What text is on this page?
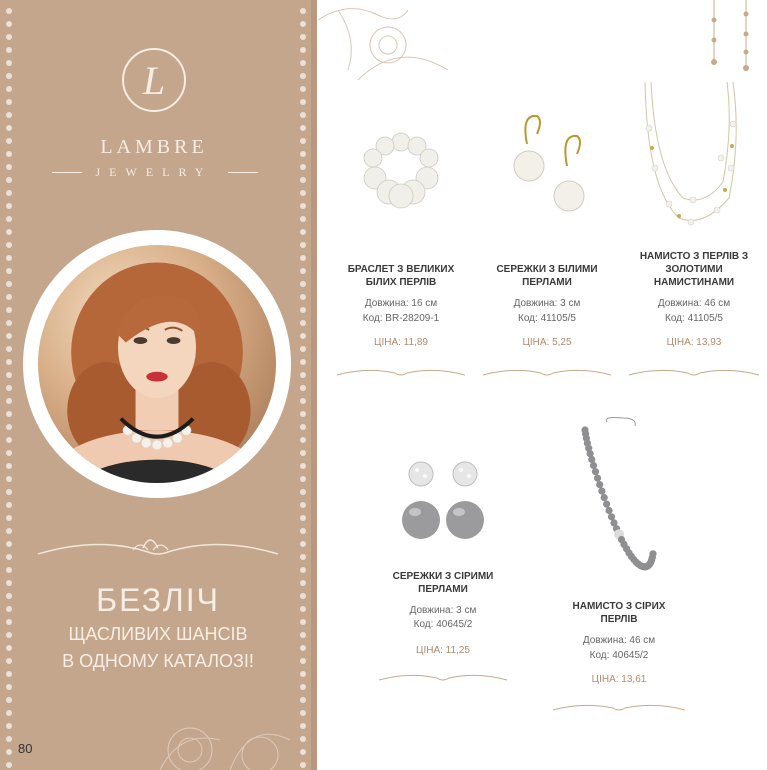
L
LAMBRE
JEWELRY
БЕЗЛІЧ
ЩАСЛИВИХ ШАНСІВ
В ОДНОМУ КАТАЛОЗІ!
80
БРАСЛЕТ З ВЕЛИКИХ БІЛИХ ПЕРЛІВ
Довжина: 16 см
Код: BR-28209-1
ЦІНА: 11,89
СЕРЕЖКИ З БІЛИМИ ПЕРЛАМИ
Довжина: 3 см
Код: 41105/5
ЦІНА: 5,25
НАМИСТО З ПЕРЛІВ З ЗОЛОТИМИ НАМИСТИНАМИ
Довжина: 46 см
Код: 41105/5
ЦІНА: 13,93
СЕРЕЖКИ З СІРИМИ ПЕРЛАМИ
Довжина: 3 см
Код: 40645/2
ЦІНА: 11,25
НАМИСТО З СІРИХ ПЕРЛІВ
Довжина: 46 см
Код: 40645/2
ЦІНА: 13,61
